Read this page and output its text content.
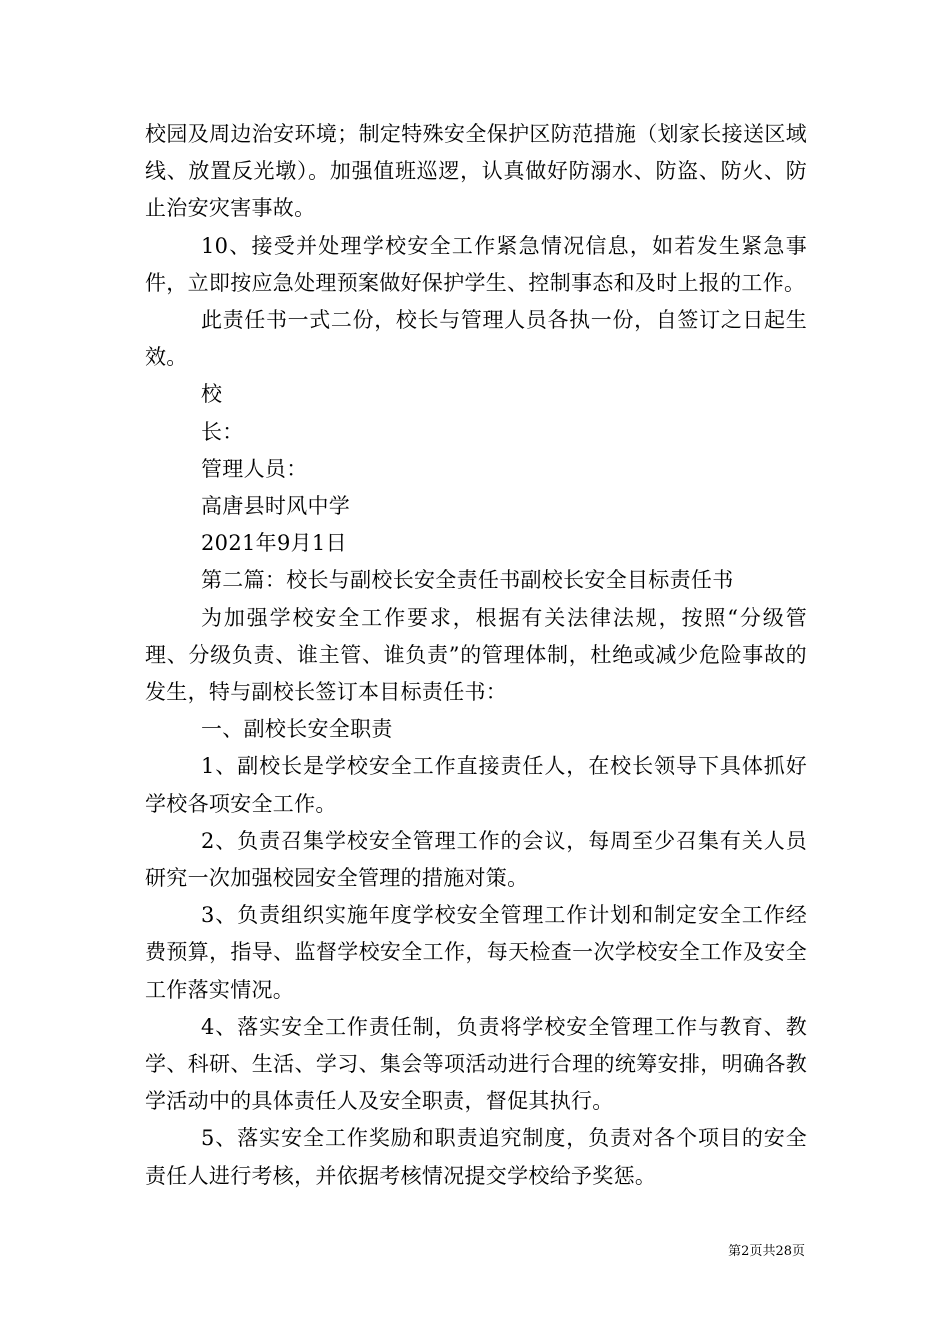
校园及周边治安环境；制定特殊安全保护区防范措施（划家长接送区域线、放置反光墩）。加强值班巡逻，认真做好防溺水、防盗、防火、防止治安灾害事故。

10、接受并处理学校安全工作紧急情况信息，如若发生紧急事件，立即按应急处理预案做好保护学生、控制事态和及时上报的工作。

此责任书一式二份，校长与管理人员各执一份，自签订之日起生效。

校

长：

管理人员：

高唐县时风中学

2021年9月1日

第二篇：校长与副校长安全责任书副校长安全目标责任书

为加强学校安全工作要求，根据有关法律法规，按照“分级管理、分级负责、谁主管、谁负责”的管理体制，杜绝或减少危险事故的发生，特与副校长签订本目标责任书：

一、副校长安全职责

1、副校长是学校安全工作直接责任人，在校长领导下具体抓好学校各项安全工作。

2、负责召集学校安全管理工作的会议，每周至少召集有关人员研究一次加强校园安全管理的措施对策。

3、负责组织实施年度学校安全管理工作计划和制定安全工作经费预算，指导、监督学校安全工作，每天检查一次学校安全工作及安全工作落实情况。

4、落实安全工作责任制，负责将学校安全管理工作与教育、教学、科研、生活、学习、集会等项活动进行合理的统筹安排，明确各教学活动中的具体责任人及安全职责，督促其执行。

5、落实安全工作奖励和职责追究制度，负责对各个项目的安全责任人进行考核，并依据考核情况提交学校给予奖惩。

第2页共28页
